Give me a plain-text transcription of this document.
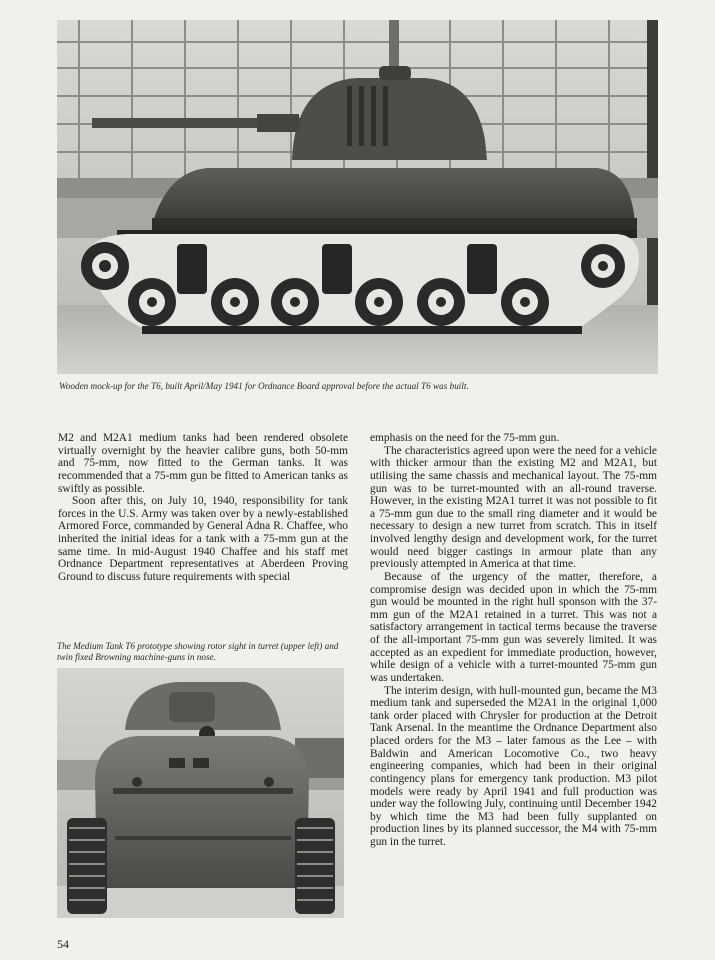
Wooden mock-up for the T6, built April/May 1941 for Ordnance Board approval before the actual T6 was built.

M2 and M2A1 medium tanks had been rendered obsolete virtually overnight by the heavier calibre guns, both 50-mm and 75-mm, now fitted to the German tanks. It was recommended that a 75-mm gun be fitted to American tanks as swiftly as possible.

Soon after this, on July 10, 1940, responsibility for tank forces in the U.S. Army was taken over by a newly-established Armored Force, commanded by General Adna R. Chaffee, who inherited the initial ideas for a tank with a 75-mm gun at the same time. In mid-August 1940 Chaffee and his staff met Ordnance Department representatives at Aberdeen Proving Ground to discuss future requirements with special

emphasis on the need for the 75-mm gun.

The characteristics agreed upon were the need for a vehicle with thicker armour than the existing M2 and M2A1, but utilising the same chassis and mechanical layout. The 75-mm gun was to be turret-mounted with an all-round traverse. However, in the existing M2A1 turret it was not possible to fit a 75-mm gun due to the small ring diameter and it would be necessary to design a new turret from scratch. This in itself involved lengthy design and development work, for the turret would need bigger castings in armour plate than any previously attempted in America at that time.

Because of the urgency of the matter, therefore, a compromise design was decided upon in which the 75-mm gun would be mounted in the right hull sponson with the 37-mm gun of the M2A1 retained in a turret. This was not a satisfactory arrangement in tactical terms because the traverse of the all-important 75-mm gun was severely limited. It was accepted as an expedient for immediate production, however, while design of a vehicle with a turret-mounted 75-mm gun was undertaken.

The interim design, with hull-mounted gun, became the M3 medium tank and superseded the M2A1 in the original 1,000 tank order placed with Chrysler for production at the Detroit Tank Arsenal. In the meantime the Ordnance Department also placed orders for the M3 – later famous as the Lee – with Baldwin and American Locomotive Co., two heavy engineering companies, which had been in their original contingency plans for emergency tank production. M3 pilot models were ready by April 1941 and full production was under way the following July, continuing until December 1942 by which time the M3 had been fully supplanted on production lines by its planned successor, the M4 with 75-mm gun in the turret.

The Medium Tank T6 prototype showing rotor sight in turret (upper left) and twin fixed Browning machine-guns in nose.

54
